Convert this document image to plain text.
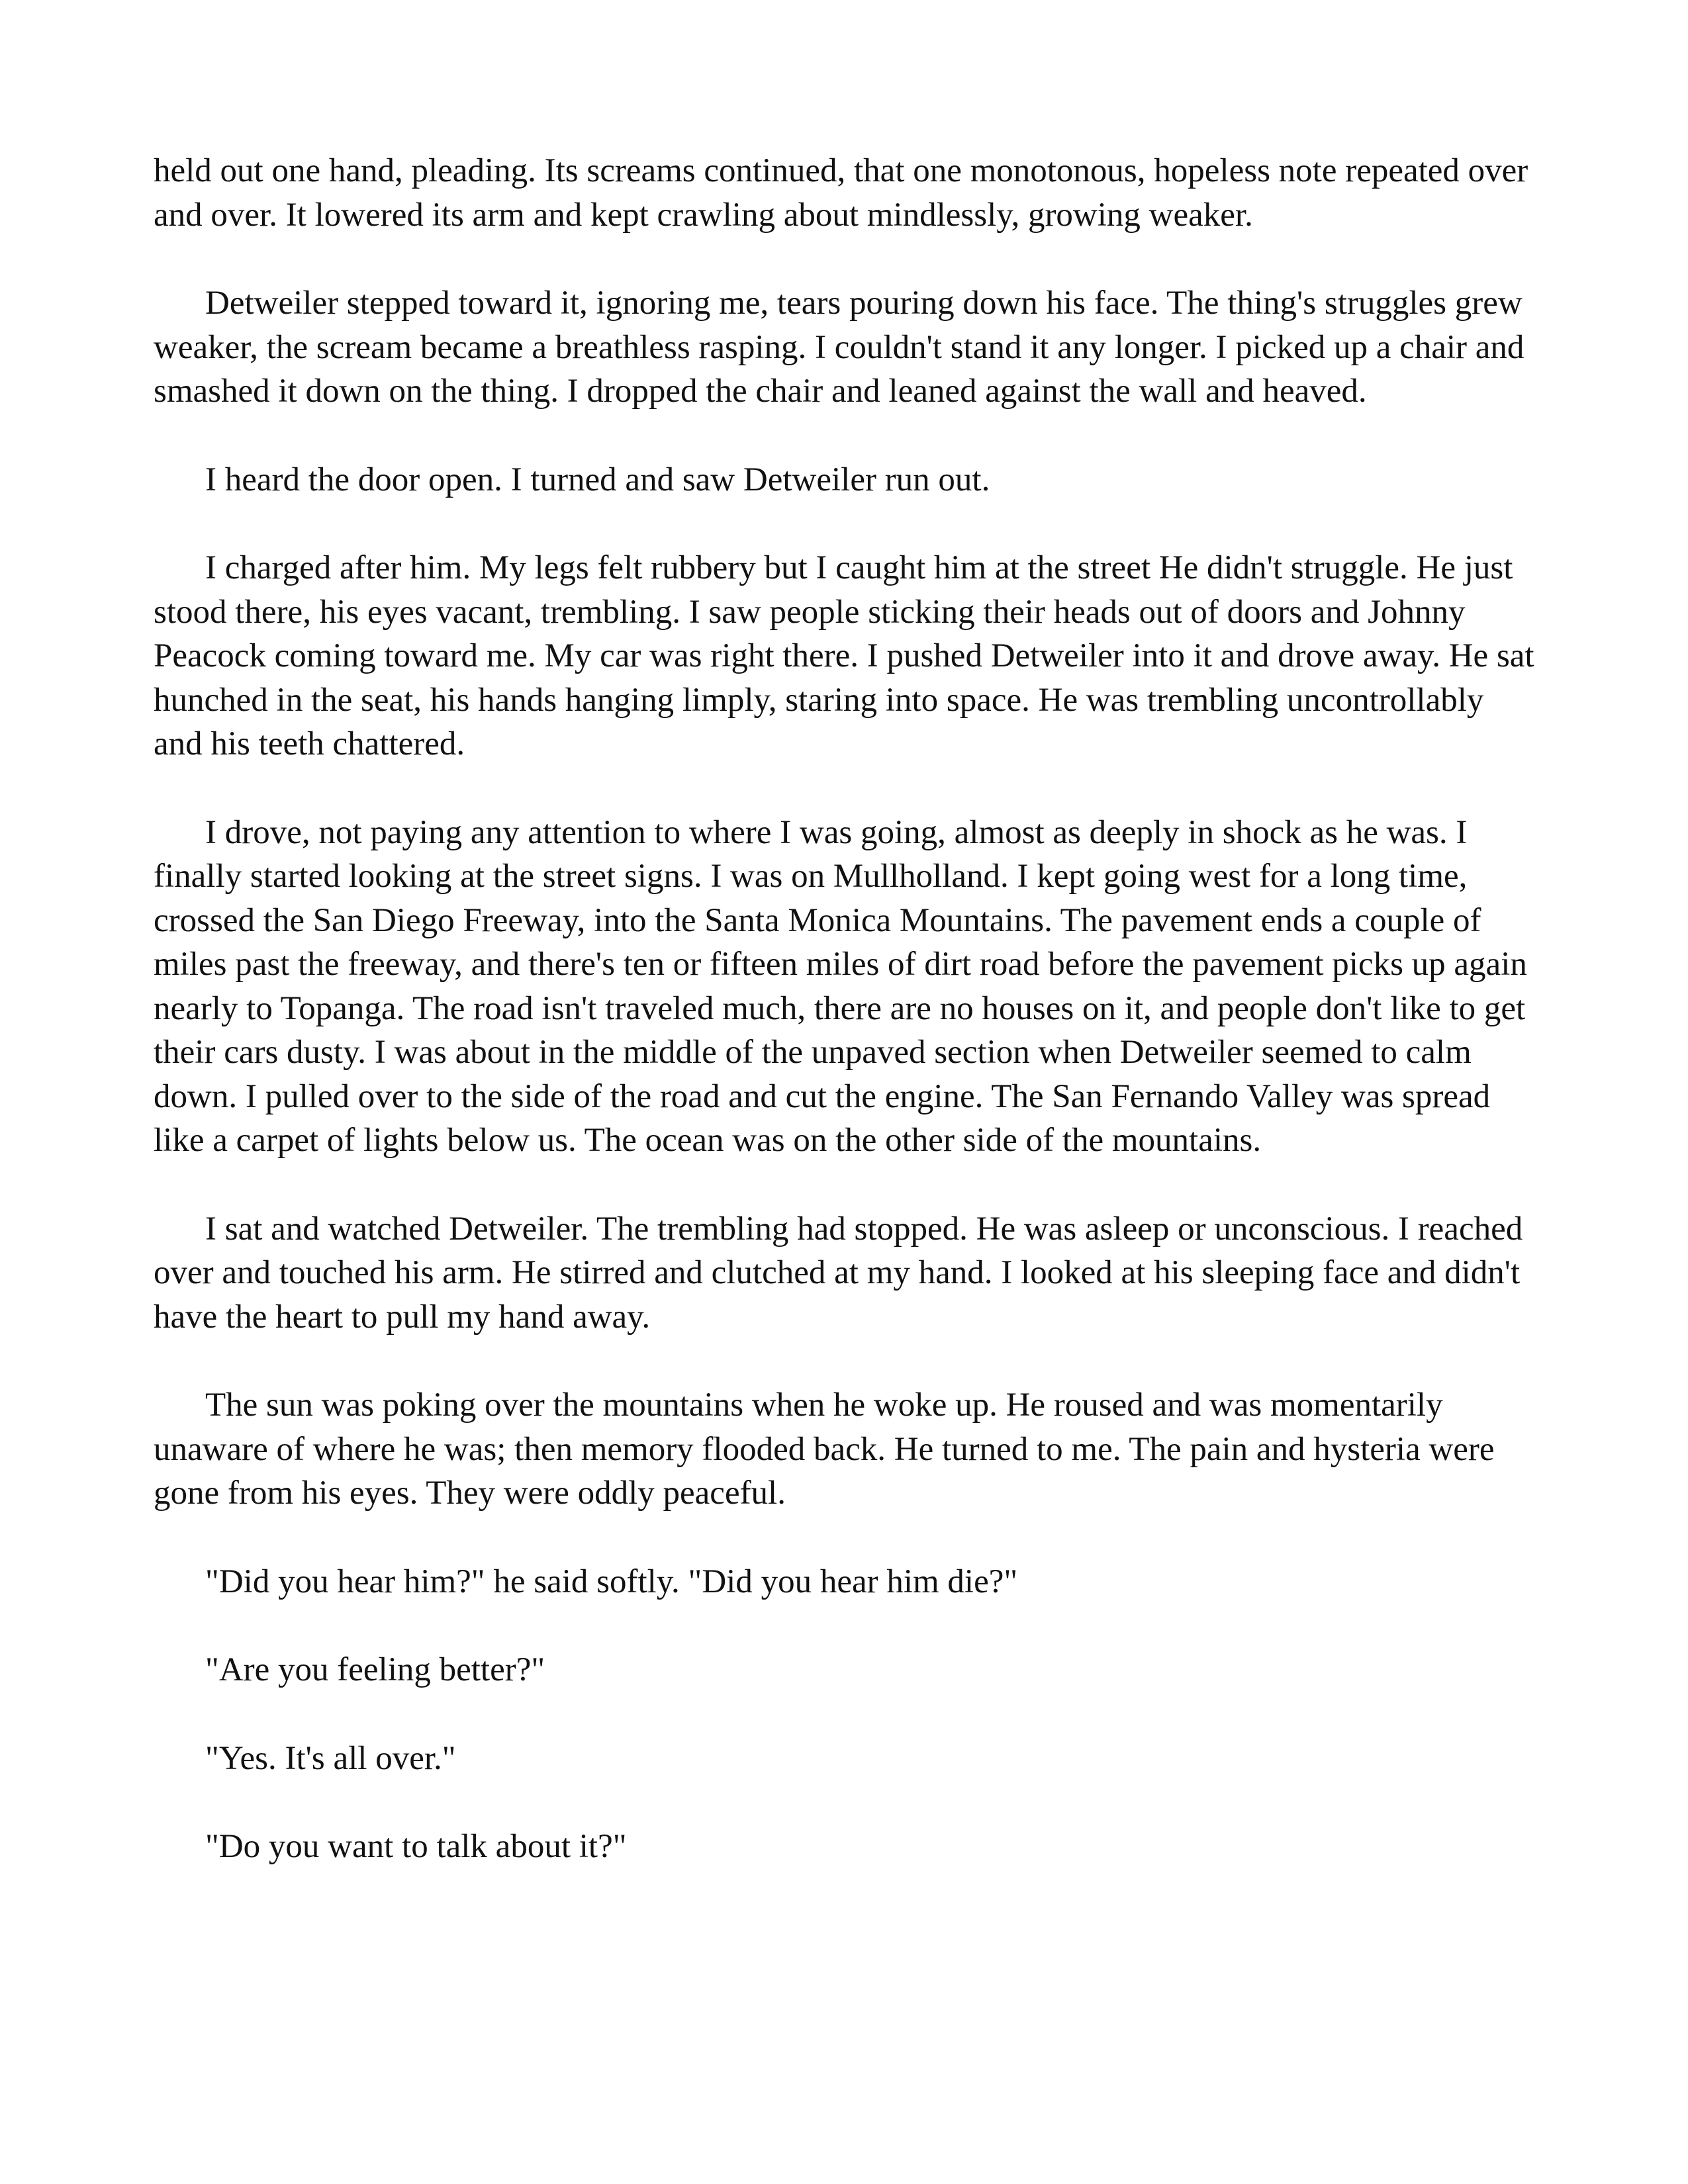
held out one hand, pleading. Its screams continued, that one monotonous, hopeless note repeated over and over. It lowered its arm and kept crawling about mindlessly, growing weaker.

Detweiler stepped toward it, ignoring me, tears pouring down his face. The thing's struggles grew weaker, the scream became a breathless rasping. I couldn't stand it any longer. I picked up a chair and smashed it down on the thing. I dropped the chair and leaned against the wall and heaved.

I heard the door open. I turned and saw Detweiler run out.

I charged after him. My legs felt rubbery but I caught him at the street He didn't struggle. He just stood there, his eyes vacant, trembling. I saw people sticking their heads out of doors and Johnny Peacock coming toward me. My car was right there. I pushed Detweiler into it and drove away. He sat hunched in the seat, his hands hanging limply, staring into space. He was trembling uncontrollably and his teeth chattered.

I drove, not paying any attention to where I was going, almost as deeply in shock as he was. I finally started looking at the street signs. I was on Mullholland. I kept going west for a long time, crossed the San Diego Freeway, into the Santa Monica Mountains. The pavement ends a couple of miles past the freeway, and there's ten or fifteen miles of dirt road before the pavement picks up again nearly to Topanga. The road isn't traveled much, there are no houses on it, and people don't like to get their cars dusty. I was about in the middle of the unpaved section when Detweiler seemed to calm down. I pulled over to the side of the road and cut the engine. The San Fernando Valley was spread like a carpet of lights below us. The ocean was on the other side of the mountains.

I sat and watched Detweiler. The trembling had stopped. He was asleep or unconscious. I reached over and touched his arm. He stirred and clutched at my hand. I looked at his sleeping face and didn't have the heart to pull my hand away.

The sun was poking over the mountains when he woke up. He roused and was momentarily unaware of where he was; then memory flooded back. He turned to me. The pain and hysteria were gone from his eyes. They were oddly peaceful.

"Did you hear him?" he said softly. "Did you hear him die?"

"Are you feeling better?"

"Yes. It's all over."

"Do you want to talk about it?"
